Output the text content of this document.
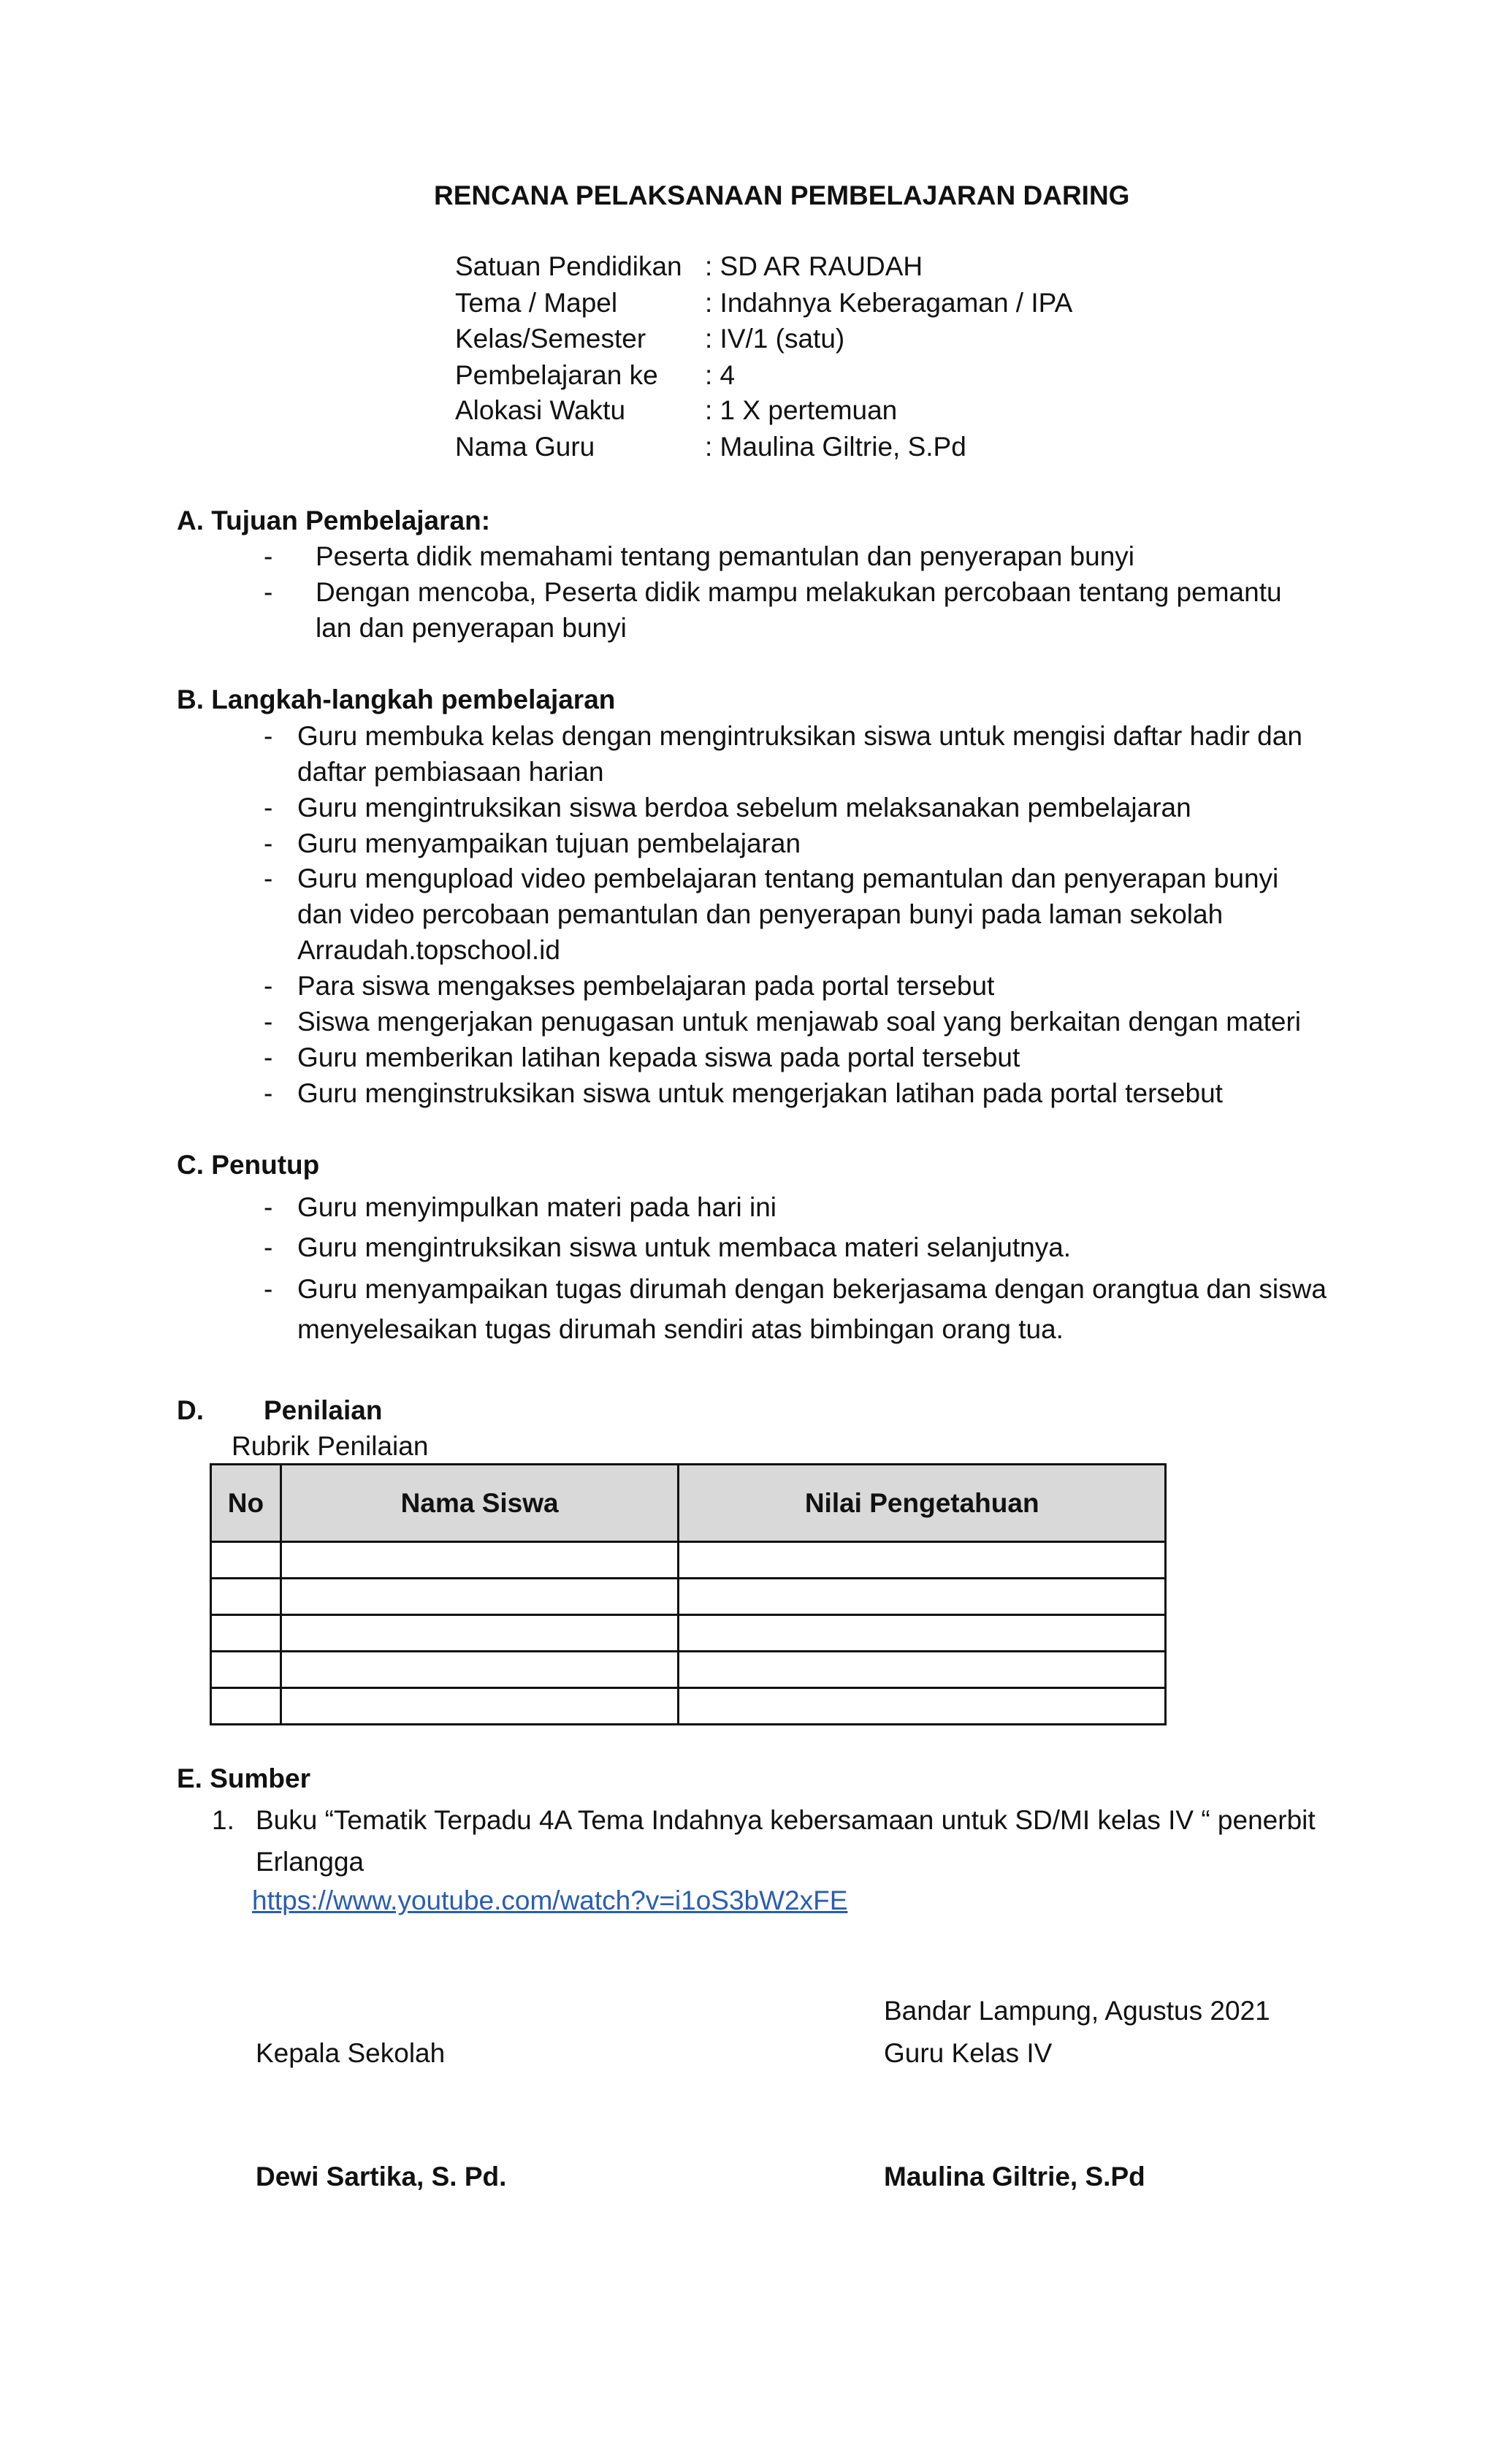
RENCANA PELAKSANAAN PEMBELAJARAN DARING
Satuan Pendidikan : SD AR RAUDAH
Tema / Mapel	: Indahnya Keberagaman / IPA
Kelas/Semester : IV/1 (satu)
Pembelajaran ke : 4
Alokasi Waktu	: 1 X pertemuan
Nama Guru	: Maulina Giltrie, S.Pd
A. Tujuan Pembelajaran:
- Peserta didik memahami tentang pemantulan dan penyerapan bunyi
- Dengan mencoba, Peserta didik mampu melakukan percobaan tentang pemantu
lan dan penyerapan bunyi
B. Langkah-langkah pembelajaran
- Guru membuka kelas dengan mengintruksikan siswa untuk mengisi daftar hadir dan
daftar pembiasaan harian
- Guru mengintruksikan siswa berdoa sebelum melaksanakan pembelajaran
- Guru menyampaikan tujuan pembelajaran
- Guru mengupload video pembelajaran tentang pemantulan dan penyerapan bunyi
dan video percobaan pemantulan dan penyerapan bunyi pada laman sekolah
Arraudah.topschool.id
- Para siswa mengakses pembelajaran pada portal tersebut
- Siswa mengerjakan penugasan untuk menjawab soal yang berkaitan dengan materi
- Guru memberikan latihan kepada siswa pada portal tersebut
- Guru menginstruksikan siswa untuk mengerjakan latihan pada portal tersebut
C. Penutup
- Guru menyimpulkan materi pada hari ini
- Guru mengintruksikan siswa untuk membaca materi selanjutnya.
- Guru menyampaikan tugas dirumah dengan bekerjasama dengan orangtua dan siswa
menyelesaikan tugas dirumah sendiri atas bimbingan orang tua.
D. Penilaian
Rubrik Penilaian
No	Nama Siswa	Nilai Pengetahuan

E. Sumber
1. Buku “Tematik Terpadu 4A Tema Indahnya kebersamaan untuk SD/MI kelas IV “ penerbit
Erlangga
https://www.youtube.com/watch?v=i1oS3bW2xFE
Bandar Lampung, Agustus 2021
Kepala Sekolah	Guru Kelas IV
Dewi Sartika, S. Pd.	Maulina Giltrie, S.Pd
